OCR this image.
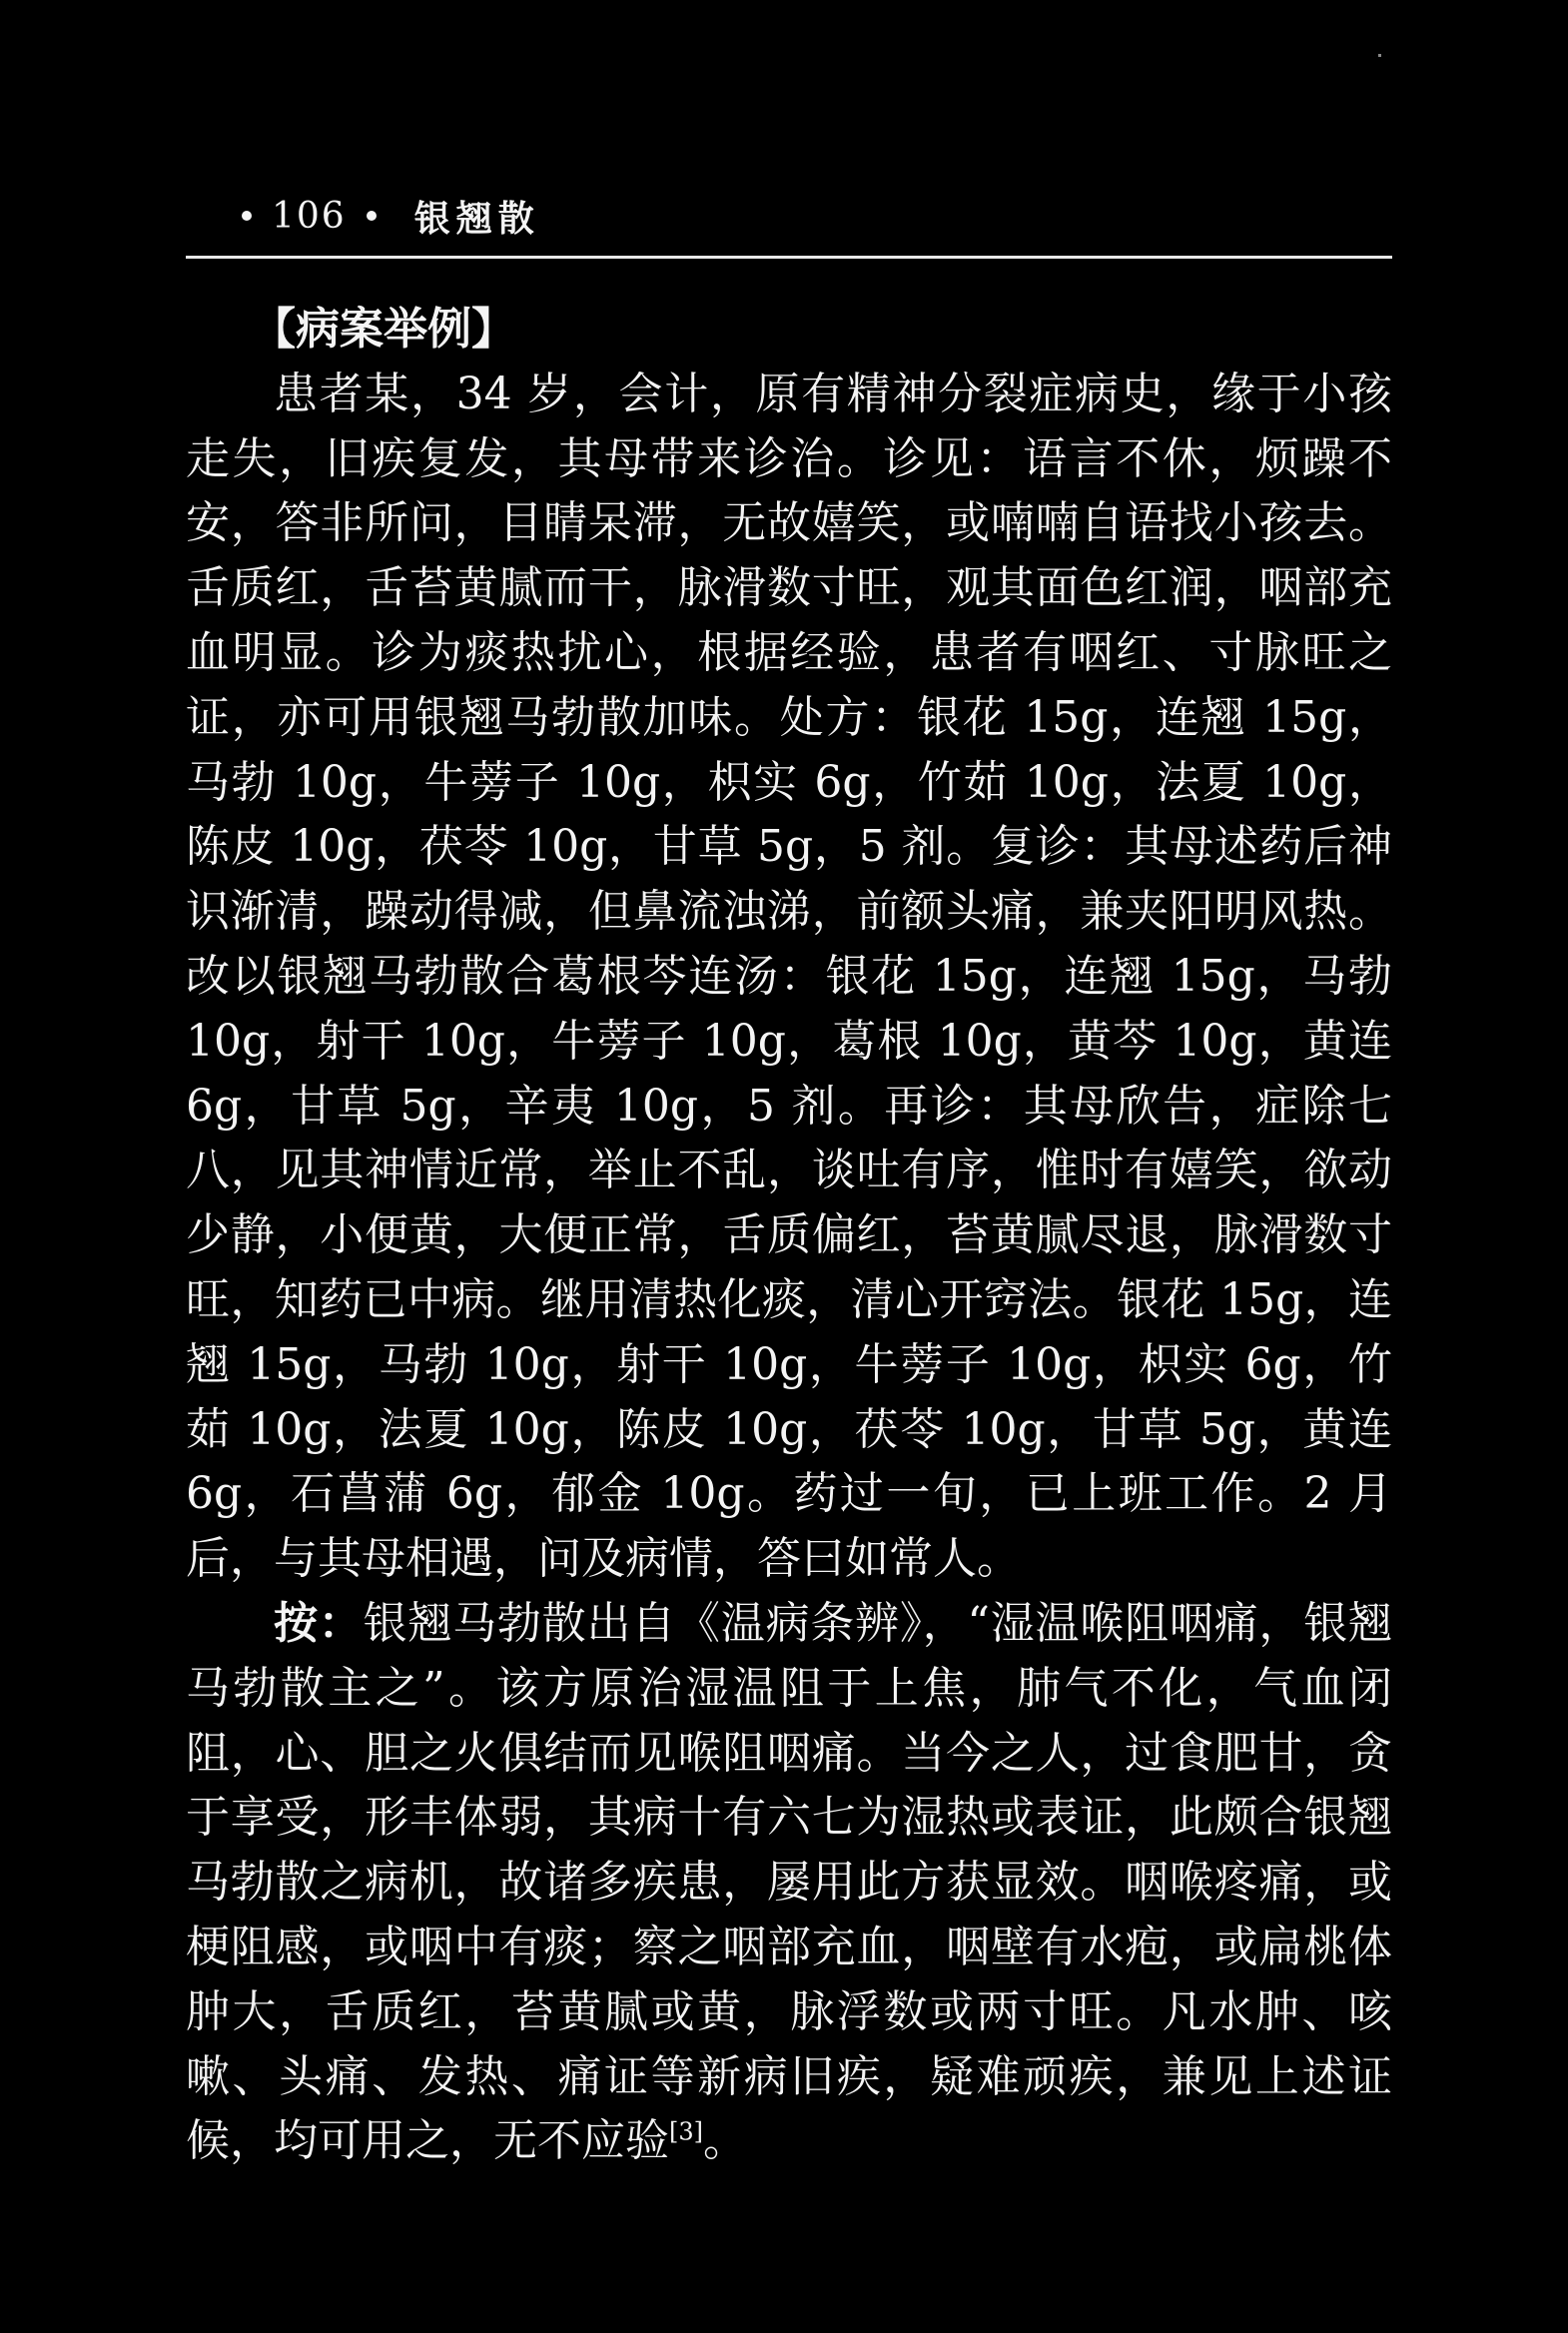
106 银翘散

【病案举例】

患者某，34 岁，会计，原有精神分裂症病史，缘于小孩走失，旧疾复发，其母带来诊治。诊见：语言不休，烦躁不安，答非所问，目睛呆滞，无故嬉笑，或喃喃自语找小孩去。舌质红，舌苔黄腻而干，脉滑数寸旺，观其面色红润，咽部充血明显。诊为痰热扰心，根据经验，患者有咽红、寸脉旺之证，亦可用银翘马勃散加味。处方：银花 15g，连翘 15g，马勃 10g，牛蒡子 10g，枳实 6g，竹茹 10g，法夏 10g，陈皮 10g，茯苓 10g，甘草 5g，5 剂。复诊：其母述药后神识渐清，躁动得减，但鼻流浊涕，前额头痛，兼夹阳明风热。改以银翘马勃散合葛根芩连汤：银花 15g，连翘 15g，马勃 10g，射干 10g，牛蒡子 10g，葛根 10g，黄芩 10g，黄连 6g，甘草 5g，辛夷 10g，5 剂。再诊：其母欣告，症除七八，见其神情近常，举止不乱，谈吐有序，惟时有嬉笑，欲动少静，小便黄，大便正常，舌质偏红，苔黄腻尽退，脉滑数寸旺，知药已中病。继用清热化痰，清心开窍法。银花 15g，连翘 15g，马勃 10g，射干 10g，牛蒡子 10g，枳实 6g，竹茹 10g，法夏 10g，陈皮 10g，茯苓 10g，甘草 5g，黄连 6g，石菖蒲 6g，郁金 10g。药过一旬，已上班工作。2 月后，与其母相遇，问及病情，答曰如常人。

按：银翘马勃散出自《温病条辨》，“湿温喉阻咽痛，银翘马勃散主之”。该方原治湿温阻于上焦，肺气不化，气血闭阻，心、胆之火俱结而见喉阻咽痛。当今之人，过食肥甘，贪于享受，形丰体弱，其病十有六七为湿热或表证，此颇合银翘马勃散之病机，故诸多疾患，屡用此方获显效。咽喉疼痛，或梗阻感，或咽中有痰；察之咽部充血，咽壁有水疱，或扁桃体肿大，舌质红，苔黄腻或黄，脉浮数或两寸旺。凡水肿、咳嗽、头痛、发热、痛证等新病旧疾，疑难顽疾，兼见上述证候，均可用之，无不应验[3]。
